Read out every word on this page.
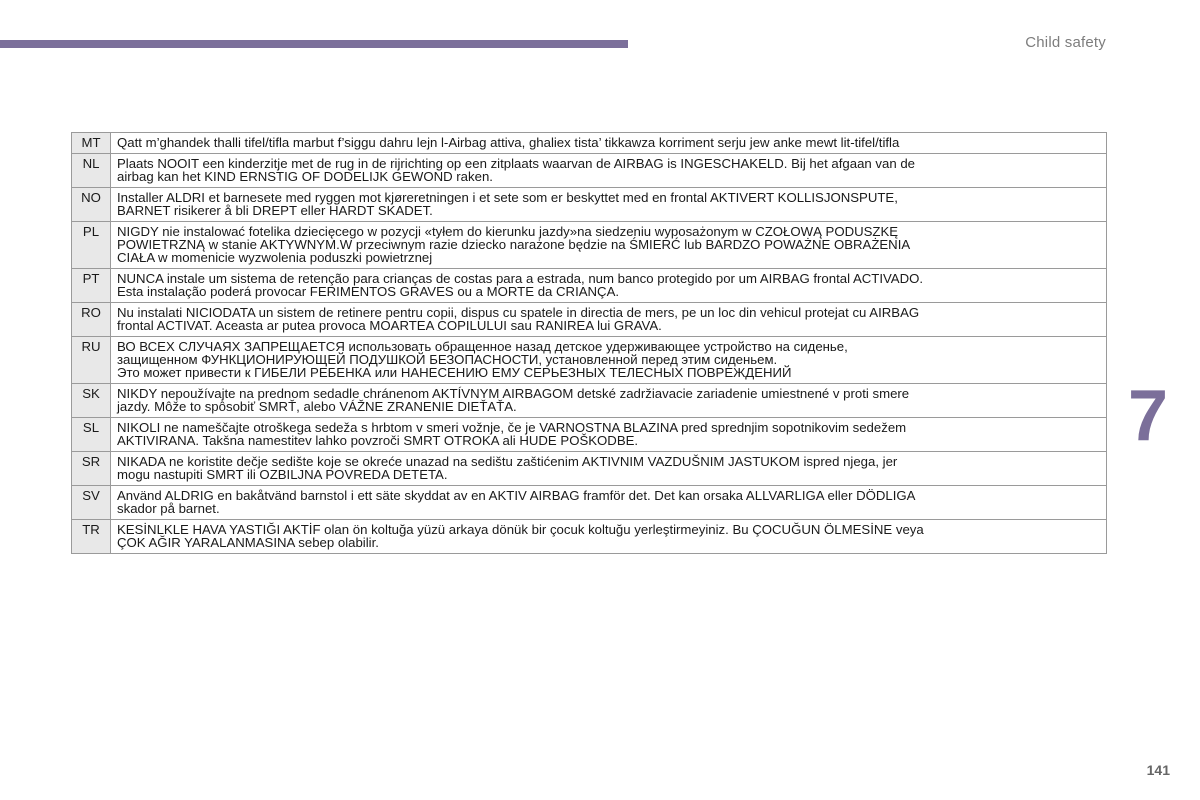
Child safety
7
141
MT	Qatt m’ghandek thalli tifel/tifla marbut f’siggu dahru lejn l-Airbag attiva, ghaliex tista’ tikkawza korriment serju jew anke mewt lit-tifel/tifla
NL	Plaats NOOIT een kinderzitje met de rug in de rijrichting op een zitplaats waarvan de AIRBAG is INGESCHAKELD. Bij het afgaan van de
airbag kan het KIND ERNSTIG OF DODELIJK GEWOND raken.
NO	Installer ALDRI et barnesete med ryggen mot kjøreretningen i et sete som er beskyttet med en frontal AKTIVERT KOLLISJONSPUTE,
BARNET risikerer å bli DREPT eller HARDT SKADET.
PL	NIGDY nie instalować fotelika dziecięcego w pozycji «tyłem do kierunku jazdy»na siedzeniu wyposażonym w CZOŁOWĄ PODUSZKĘ
POWIETRZNĄ w stanie AKTYWNYM.W przeciwnym razie dziecko narażone będzie na ŚMIERĆ lub BARDZO POWAŻNE OBRAŻENIA
CIAŁA w momenicie wyzwolenia poduszki powietrznej
PT	NUNCA instale um sistema de retenção para crianças de costas para a estrada, num banco protegido por um AIRBAG frontal ACTIVADO.
Esta instalação poderá provocar FERIMENTOS GRAVES ou a MORTE da CRIANÇA.
RO	Nu instalati NICIODATA un sistem de retinere pentru copii, dispus cu spatele in directia de mers, pe un loc din vehicul protejat cu AIRBAG
frontal ACTIVAT. Aceasta ar putea provoca MOARTEA COPILULUI sau RANIREA lui GRAVA.
RU	ВО ВСЕХ СЛУЧАЯХ ЗАПРЕЩАЕТСЯ использовать обращенное назад детское удерживающее устройство на сиденье,
защищенном ФУНКЦИОНИРУЮЩЕЙ ПОДУШКОЙ БЕЗОПАСНОСТИ, установленной перед этим сиденьем.
Это может привести к ГИБЕЛИ РЕБЕНКА или НАНЕСЕНИЮ ЕМУ СЕРЬЕЗНЫХ ТЕЛЕСНЫХ ПОВРЕЖДЕНИЙ
SK	NIKDY nepoužívajte na prednom sedadle chránenom AKTÍVNYM AIRBAGOM detské zadržiavacie zariadenie umiestnené v proti smere
jazdy. Môže to spôsobiť SMRŤ, alebo VÁŽNE ZRANENIE DIEŤAŤA.
SL	NIKOLI ne nameščajte otroškega sedeža s hrbtom v smeri vožnje, če je VARNOSTNA BLAZINA pred sprednjim sopotnikovim sedežem
AKTIVIRANA. Takšna namestitev lahko povzroči SMRT OTROKA ali HUDE POŠKODBE.
SR	NIKADA ne koristite dečje sedište koje se okreće unazad na sedištu zaštićenim AKTIVNIM VAZDUŠNIM JASTUKOM ispred njega, jer
mogu nastupiti SMRT ili OZBILJNA POVREDA DETETA.
SV	Använd ALDRIG en bakåtvänd barnstol i ett säte skyddat av en AKTIV AIRBAG framför det. Det kan orsaka ALLVARLIGA eller DÖDLIGA
skador på barnet.
TR	KESİNLKLE HAVA YASTIĞI AKTİF olan ön koltuğa yüzü arkaya dönük bir çocuk koltuğu yerleştirmeyiniz. Bu ÇOCUĞUN ÖLMESİNE veya
ÇOK AĞIR YARALANMASINA sebep olabilir.
